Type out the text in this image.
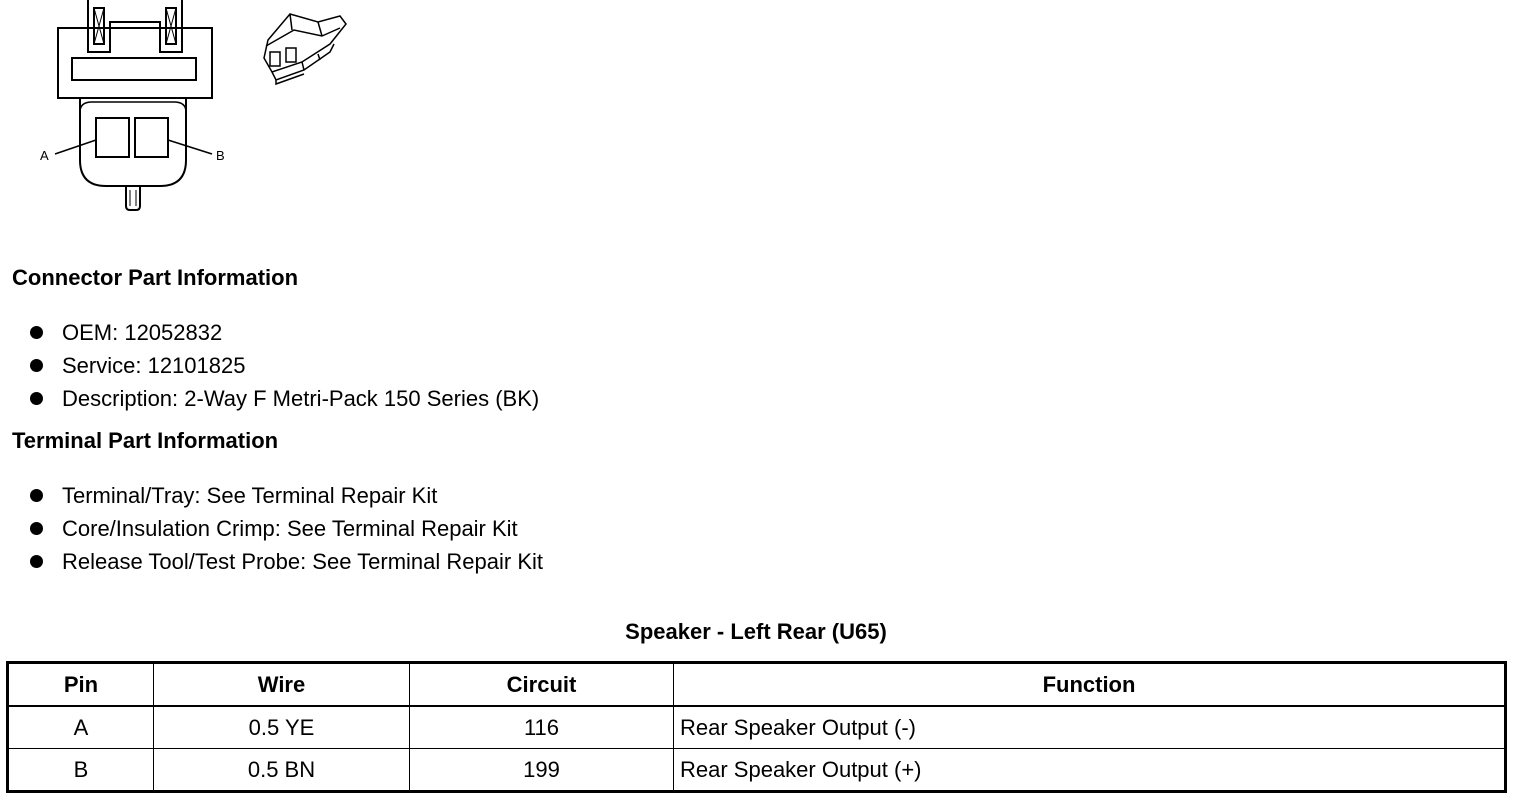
A	B
Connector Part Information
OEM: 12052832
Service: 12101825
Description: 2-Way F Metri-Pack 150 Series (BK)
Terminal Part Information
Terminal/Tray: See Terminal Repair Kit
Core/Insulation Crimp: See Terminal Repair Kit
Release Tool/Test Probe: See Terminal Repair Kit
Speaker - Left Rear (U65)
Pin	Wire	Circuit	Function
A	0.5 YE	116	Rear Speaker Output (-)
B	0.5 BN	199	Rear Speaker Output (+)
